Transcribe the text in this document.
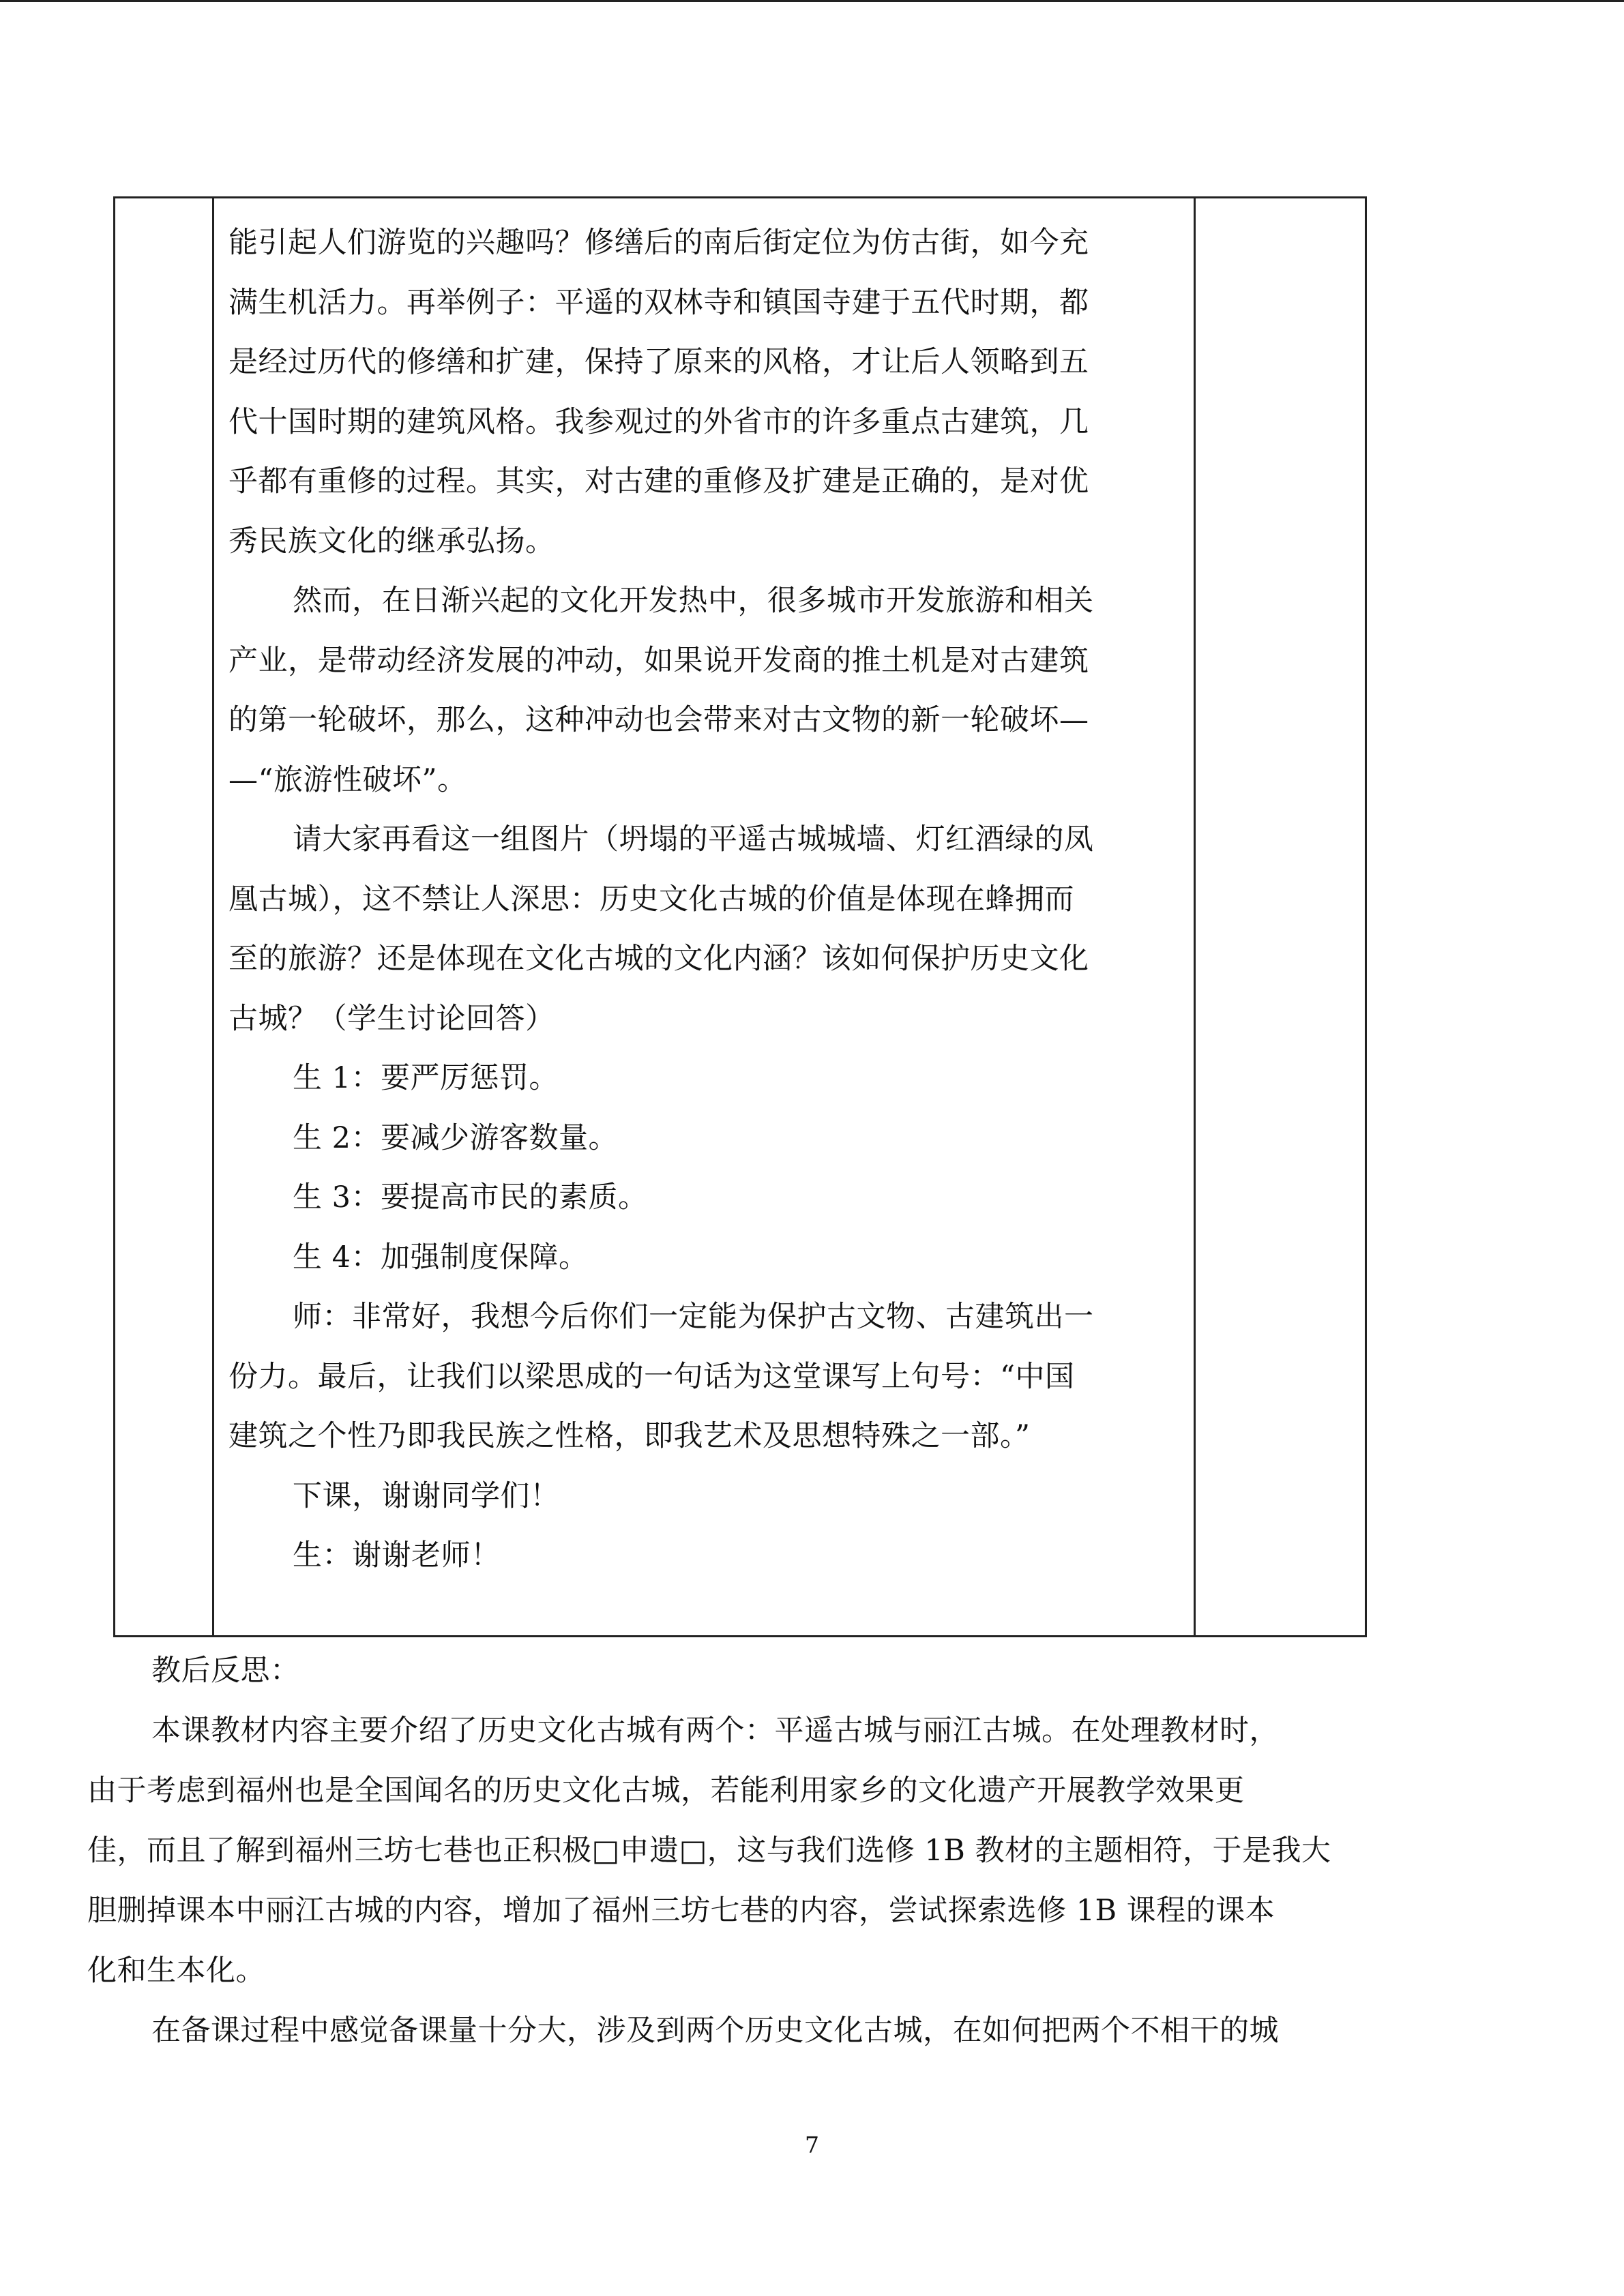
能引起人们游览的兴趣吗？修缮后的南后街定位为仿古街，如今充
满生机活力。再举例子：平遥的双林寺和镇国寺建于五代时期，都
是经过历代的修缮和扩建，保持了原来的风格，才让后人领略到五
代十国时期的建筑风格。我参观过的外省市的许多重点古建筑，几
乎都有重修的过程。其实，对古建的重修及扩建是正确的，是对优
秀民族文化的继承弘扬。
然而，在日渐兴起的文化开发热中，很多城市开发旅游和相关
产业，是带动经济发展的冲动，如果说开发商的推土机是对古建筑
的第一轮破坏，那么，这种冲动也会带来对古文物的新一轮破坏—
—“旅游性破坏”。
请大家再看这一组图片（坍塌的平遥古城城墙、灯红酒绿的凤
凰古城），这不禁让人深思：历史文化古城的价值是体现在蜂拥而
至的旅游？还是体现在文化古城的文化内涵？该如何保护历史文化
古城？（学生讨论回答）
生 1：要严厉惩罚。
生 2：要减少游客数量。
生 3：要提高市民的素质。
生 4：加强制度保障。
师：非常好，我想今后你们一定能为保护古文物、古建筑出一
份力。最后，让我们以梁思成的一句话为这堂课写上句号：“中国
建筑之个性乃即我民族之性格，即我艺术及思想特殊之一部。”
下课，谢谢同学们！
生：谢谢老师！
教后反思：
本课教材内容主要介绍了历史文化古城有两个：平遥古城与丽江古城。在处理教材时，
由于考虑到福州也是全国闻名的历史文化古城，若能利用家乡的文化遗产开展教学效果更
佳，而且了解到福州三坊七巷也正积极□申遗□，这与我们选修 1B 教材的主题相符，于是我大
胆删掉课本中丽江古城的内容，增加了福州三坊七巷的内容，尝试探索选修 1B 课程的课本
化和生本化。
在备课过程中感觉备课量十分大，涉及到两个历史文化古城，在如何把两个不相干的城
7
